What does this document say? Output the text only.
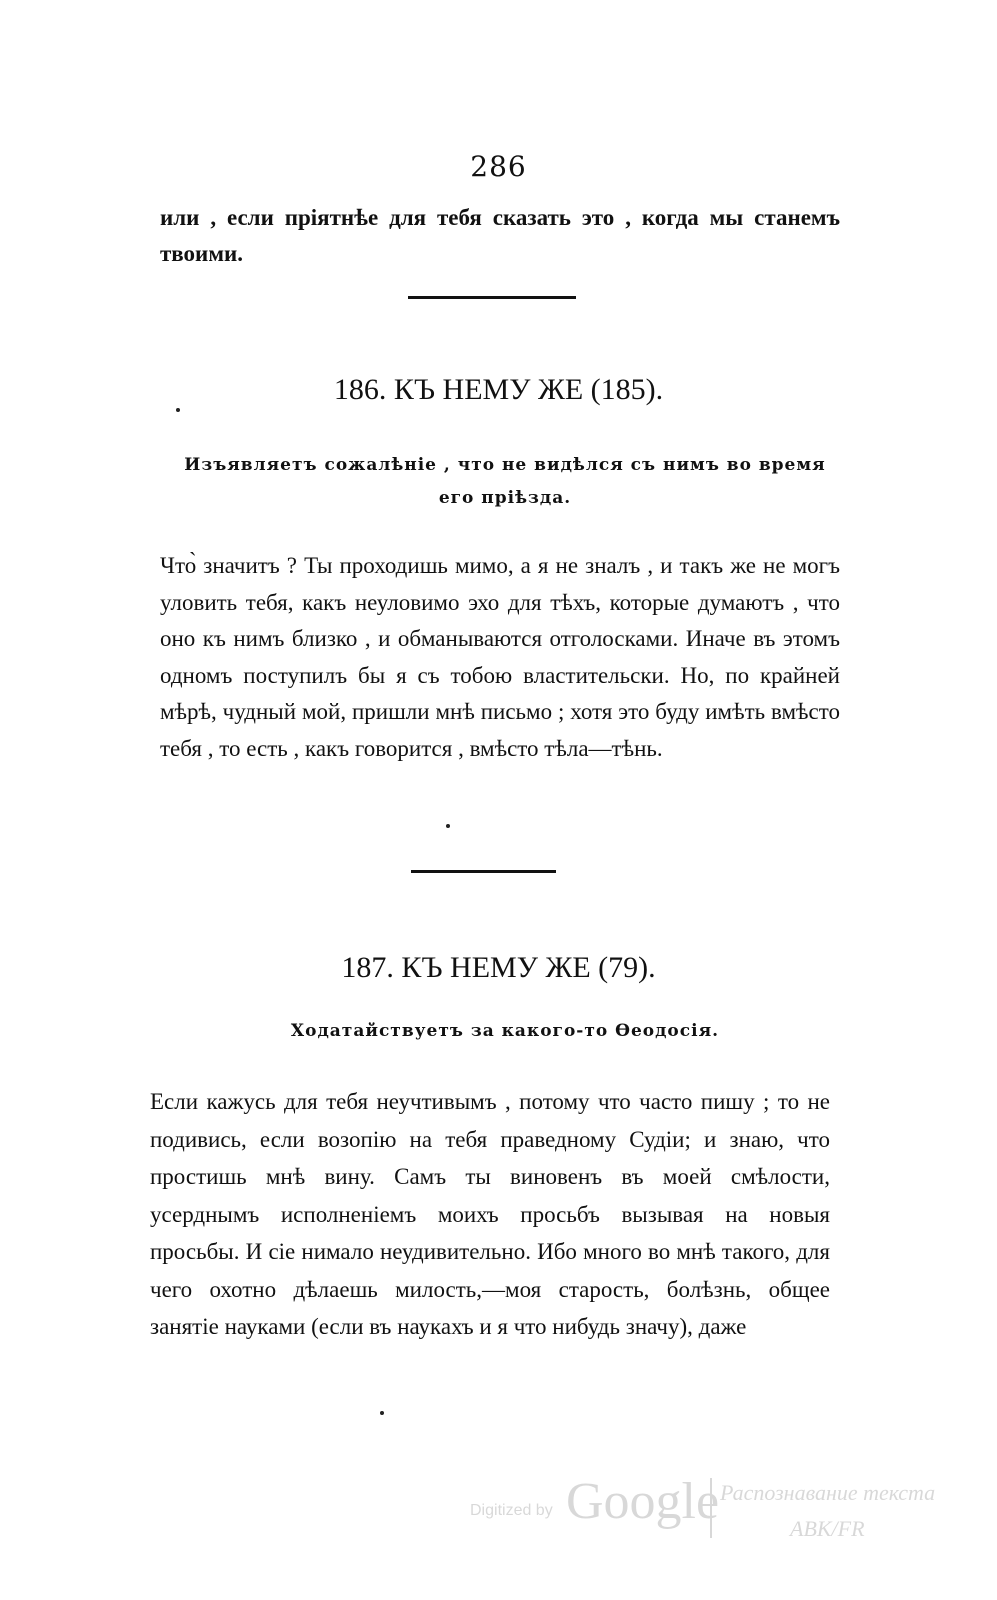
286
или , если пріятнѣе для тебя сказать это , когда мы станемъ твоими.
186. КЪ НЕМУ ЖЕ (185).
Изъявляетъ сожалѣніе , что не видѣлся съ нимъ во время его пріѣзда.
Что̀ значитъ ? Ты проходишь мимо, а я не зналъ , и такъ же не могъ уловить тебя, какъ неуловимо эхо для тѣхъ, которые думаютъ , что оно къ нимъ близко , и обманываются отголосками. Иначе въ этомъ одномъ поступилъ бы я съ тобою властительски. Но, по крайней мѣрѣ, чудный мой, пришли мнѣ письмо ; хотя это буду имѣть вмѣсто тебя , то есть , какъ говорится , вмѣсто тѣла—тѣнь.
187. КЪ НЕМУ ЖЕ (79).
Ходатайствуетъ за какого-то Ѳеодосія.
Если кажусь для тебя неучтивымъ , потому что часто пишу ; то не подивись, если возопію на тебя праведному Судіи; и знаю, что простишь мнѣ вину. Самъ ты виновенъ въ моей смѣлости, усерднымъ исполненіемъ моихъ просьбъ вызывая на новыя просьбы. И сіе нимало неудивительно. Ибо много во мнѣ такого, для чего охотно дѣлаешь милость,—моя старость, болѣзнь, общее занятіе науками (если въ наукахъ и я что нибудь значу), даже
Digitized by Google Распознавание текста
ABK/FR
